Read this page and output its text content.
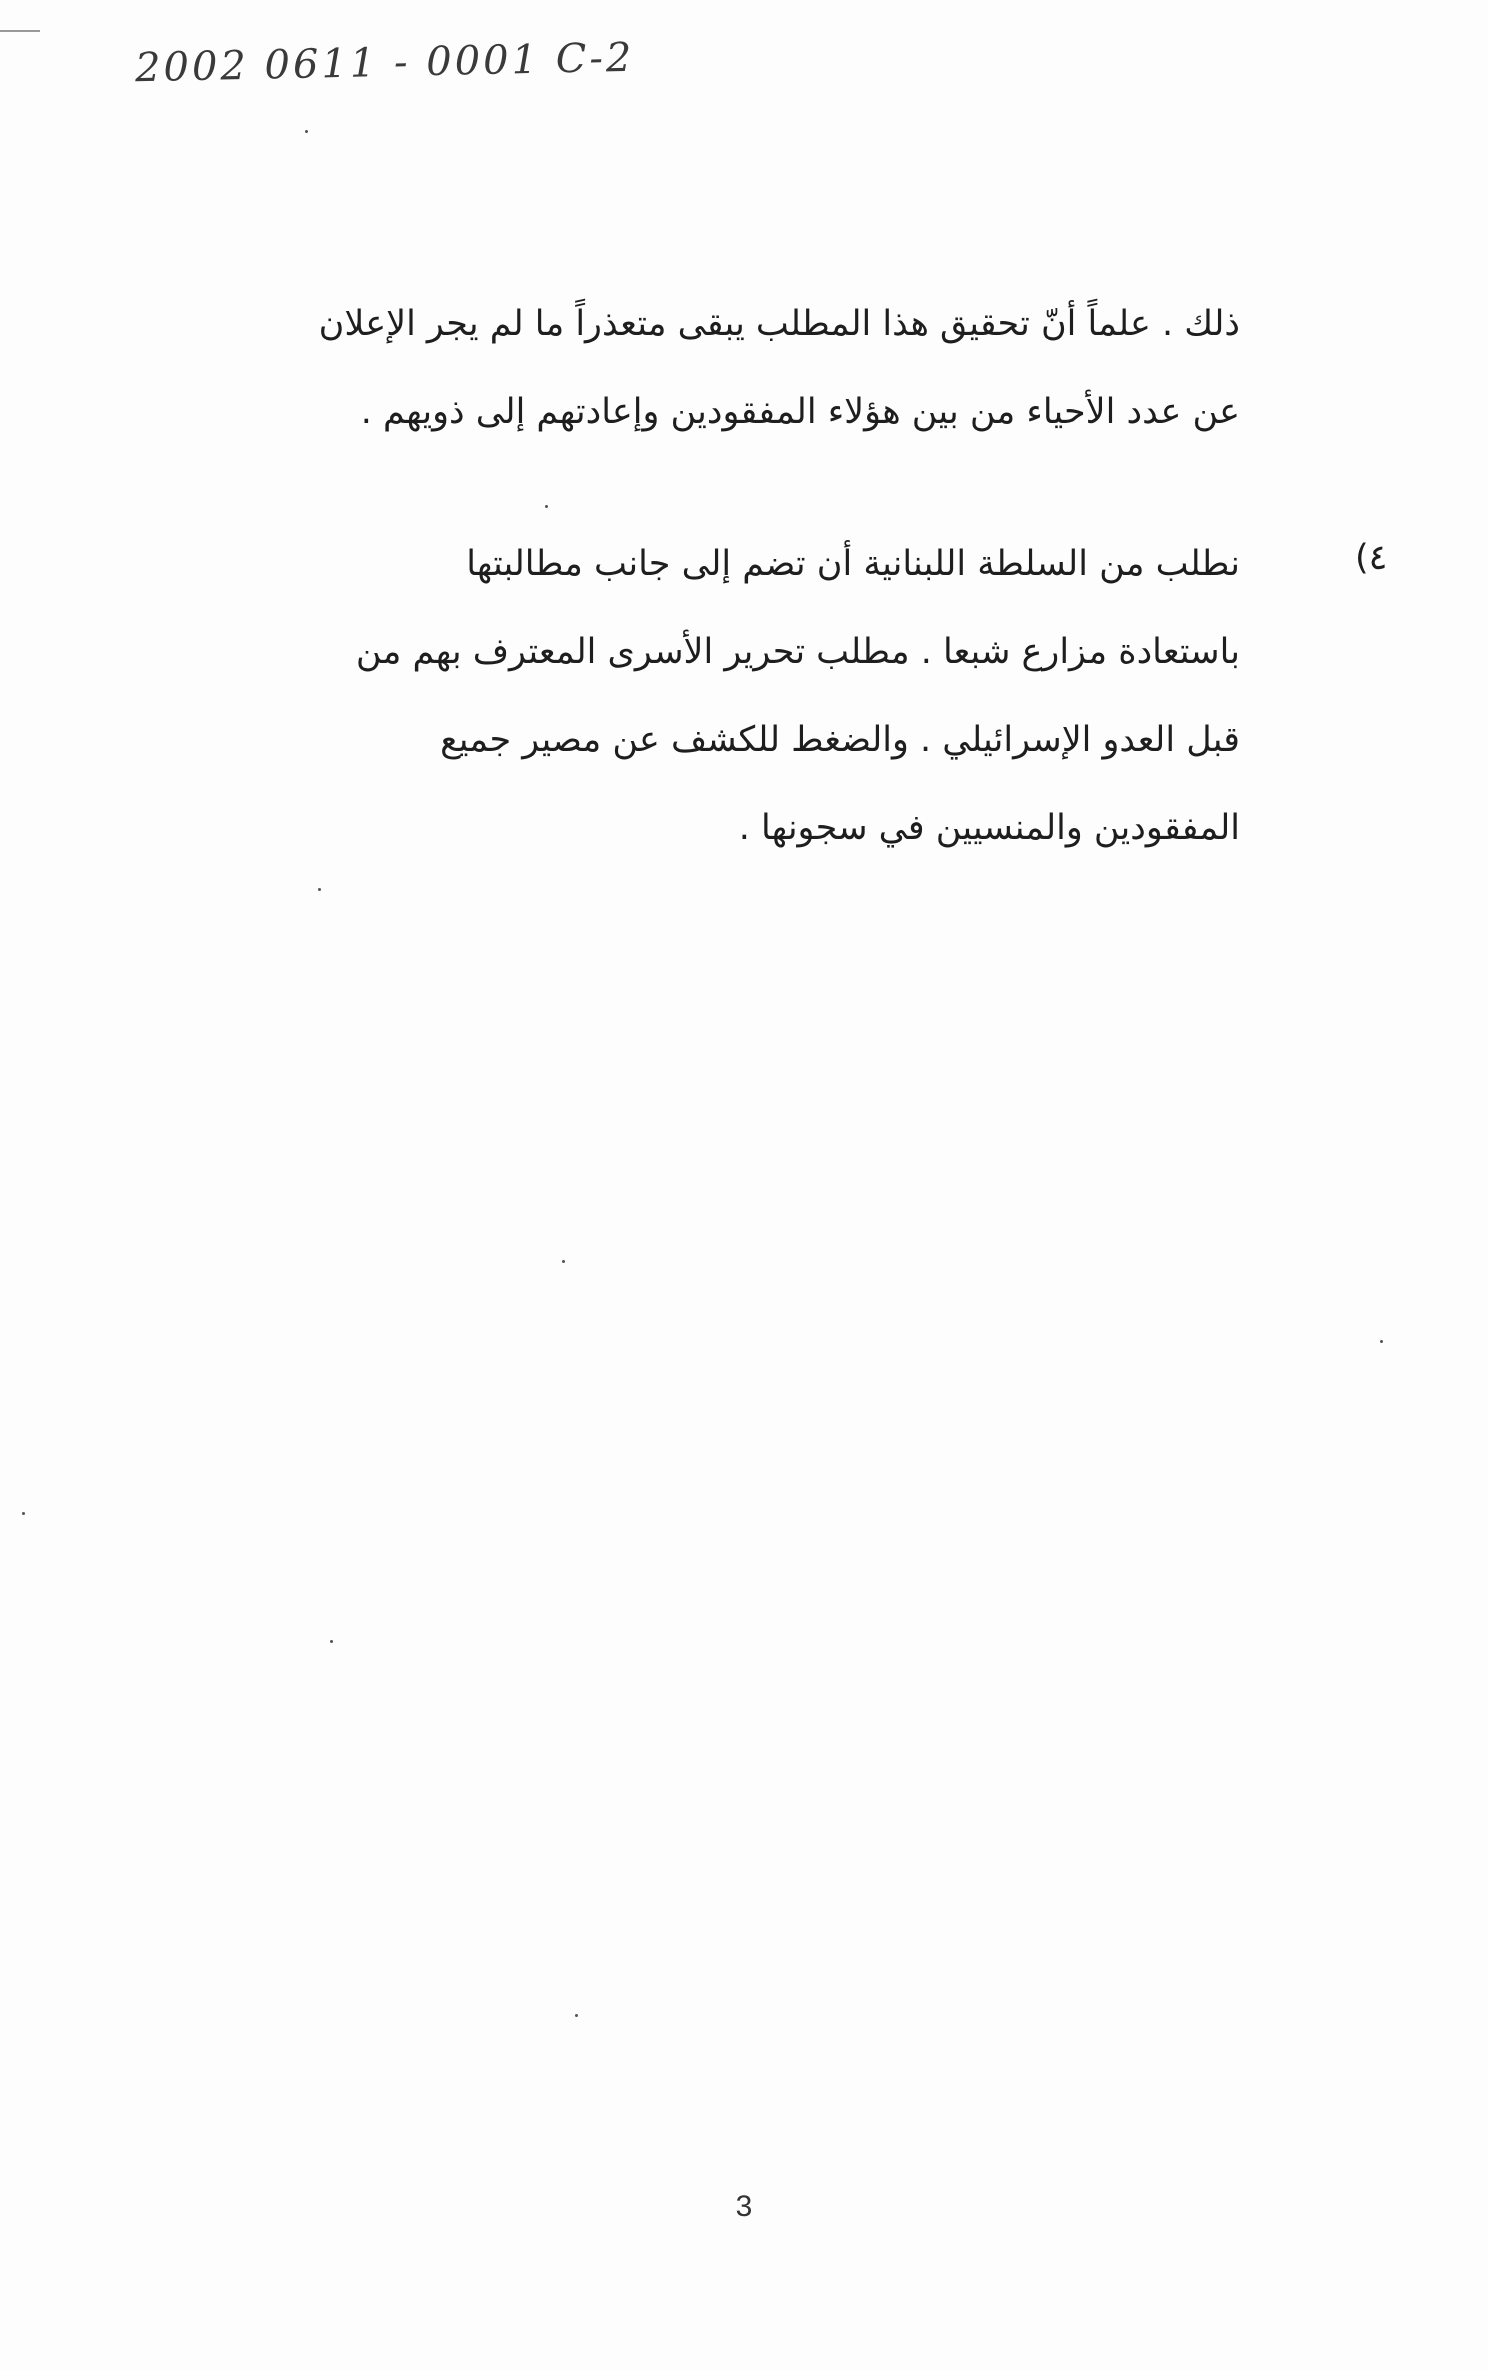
2002 0611 - 0001 C-2
ذلك . علماً أنّ تحقيق هذا المطلب يبقى متعذراً ما لم يجر الإعلان
عن عدد الأحياء من بين هؤلاء المفقودين وإعادتهم إلى ذويهم .
٤)
نطلب من السلطة اللبنانية أن تضم إلى جانب مطالبتها
باستعادة مزارع شبعا . مطلب تحرير الأسرى المعترف بهم من
قبل العدو الإسرائيلي . والضغط للكشف عن مصير جميع
المفقودين والمنسيين في سجونها .
3
